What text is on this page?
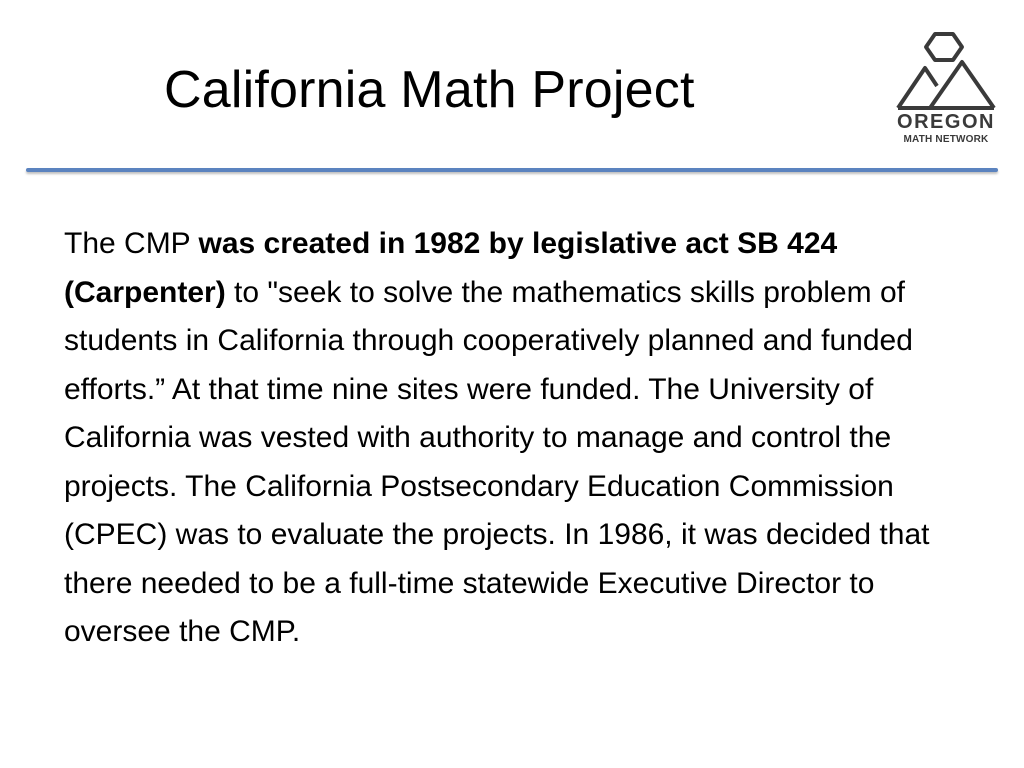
California Math Project
OREGON
MATH NETWORK

The CMP was created in 1982 by legislative act SB 424 (Carpenter) to "seek to solve the mathematics skills problem of students in California through cooperatively planned and funded efforts.” At that time nine sites were funded. The University of California was vested with authority to manage and control the projects. The California Postsecondary Education Commission (CPEC) was to evaluate the projects. In 1986, it was decided that there needed to be a full-time statewide Executive Director to oversee the CMP.
